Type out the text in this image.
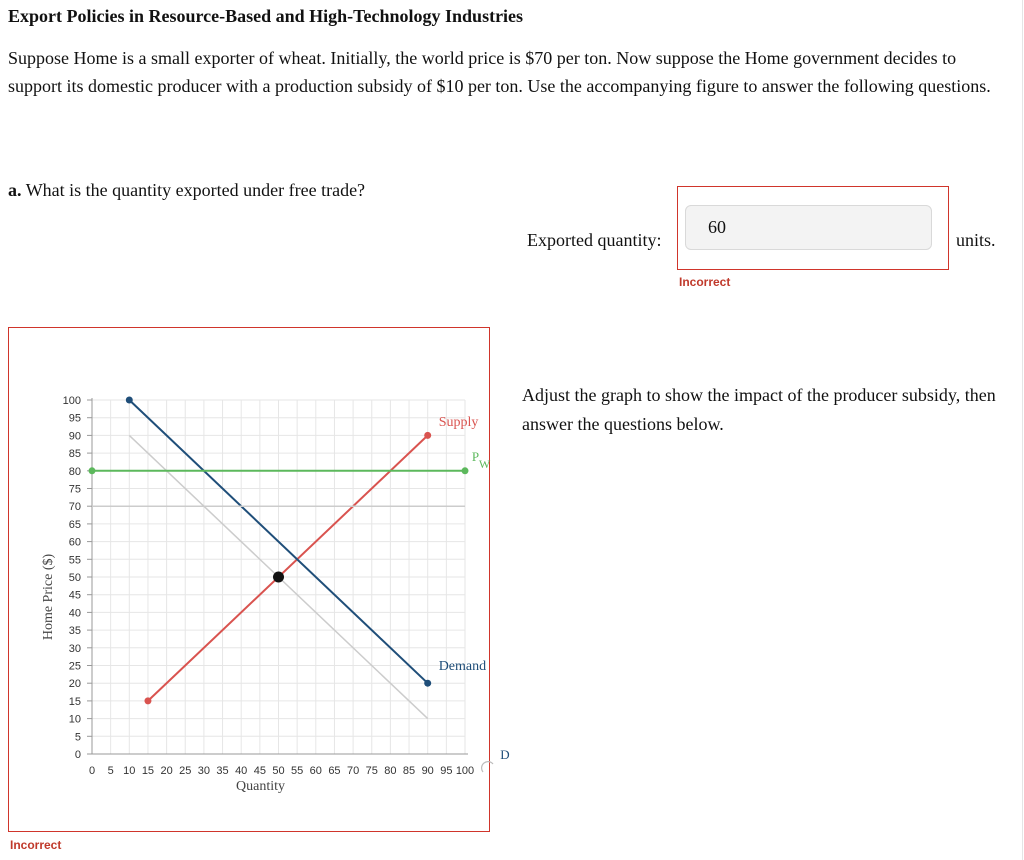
Export Policies in Resource-Based and High-Technology Industries
Suppose Home is a small exporter of wheat. Initially, the world price is $70 per ton. Now suppose the Home government decides to support its domestic producer with a production subsidy of $10 per ton. Use the accompanying figure to answer the following questions.
a. What is the quantity exported under free trade?
Exported quantity:
60	units.
Incorrect
0
5
10
15
20
25
30
35
40
45
50
55
60
65
70
75
80
85
90
95
100
0 5 10 15 20 25 30 35 40 45 50 55 60 65 70 75 80 85 90 95 100
Quantity
Home Price ($)
Supply
Demand
P W
D
Incorrect
Adjust the graph to show the impact of the producer subsidy, then answer the questions below.
